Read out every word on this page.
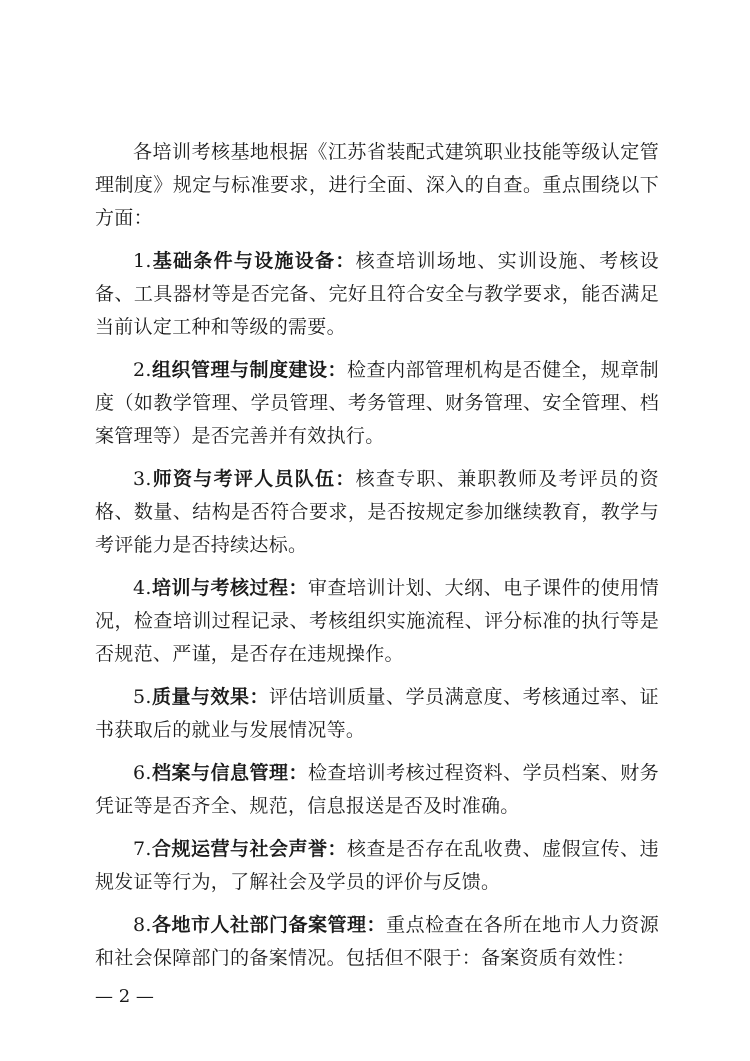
各培训考核基地根据《江苏省装配式建筑职业技能等级认定管理制度》规定与标准要求，进行全面、深入的自查。重点围绕以下方面：

1.基础条件与设施设备：核查培训场地、实训设施、考核设备、工具器材等是否完备、完好且符合安全与教学要求，能否满足当前认定工种和等级的需要。

2.组织管理与制度建设：检查内部管理机构是否健全，规章制度（如教学管理、学员管理、考务管理、财务管理、安全管理、档案管理等）是否完善并有效执行。

3.师资与考评人员队伍：核查专职、兼职教师及考评员的资格、数量、结构是否符合要求，是否按规定参加继续教育，教学与考评能力是否持续达标。

4.培训与考核过程：审查培训计划、大纲、电子课件的使用情况，检查培训过程记录、考核组织实施流程、评分标准的执行等是否规范、严谨，是否存在违规操作。

5.质量与效果：评估培训质量、学员满意度、考核通过率、证书获取后的就业与发展情况等。

6.档案与信息管理：检查培训考核过程资料、学员档案、财务凭证等是否齐全、规范，信息报送是否及时准确。

7.合规运营与社会声誉：核查是否存在乱收费、虚假宣传、违规发证等行为，了解社会及学员的评价与反馈。

8.各地市人社部门备案管理：重点检查在各所在地市人力资源和社会保障部门的备案情况。包括但不限于：备案资质有效性：

— 2 —
